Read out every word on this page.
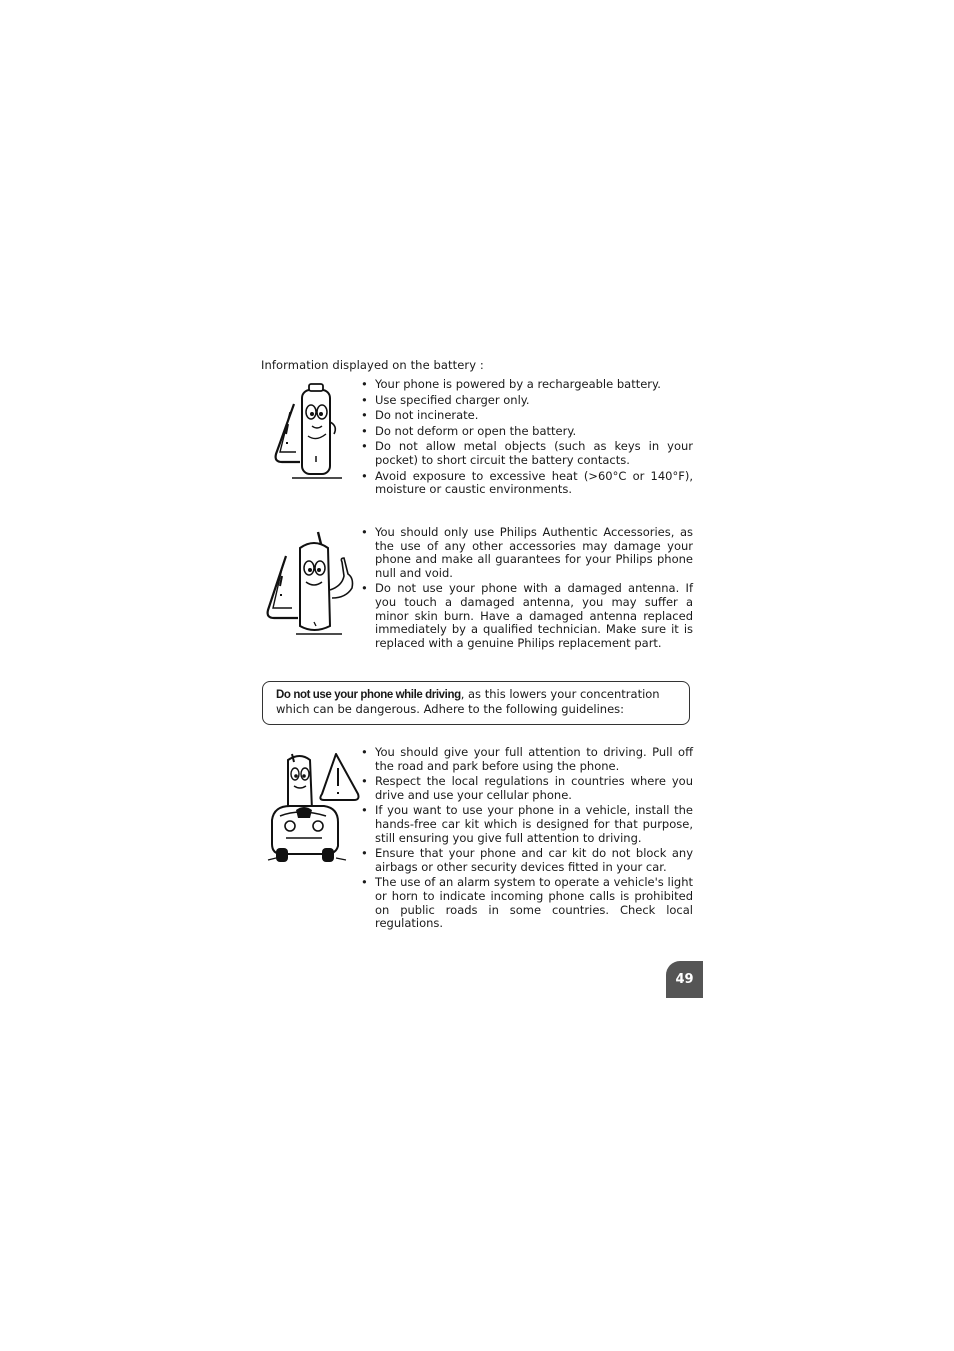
Information displayed on the battery :
• Your phone is powered by a rechargeable battery.
• Use specified charger only.
• Do not incinerate.
• Do not deform or open the battery.
• Do not allow metal objects (such as keys in your pocket) to short circuit the battery contacts.
• Avoid exposure to excessive heat (>60°C or 140°F), moisture or caustic environments.
• You should only use Philips Authentic Accessories, as the use of any other accessories may damage your phone and make all guarantees for your Philips phone null and void.
• Do not use your phone with a damaged antenna. If you touch a damaged antenna, you may suffer a minor skin burn. Have a damaged antenna replaced immediately by a qualified technician. Make sure it is replaced with a genuine Philips replacement part.
Do not use your phone while driving, as this lowers your concentration which can be dangerous. Adhere to the following guidelines:
• You should give your full attention to driving. Pull off the road and park before using the phone.
• Respect the local regulations in countries where you drive and use your cellular phone.
• If you want to use your phone in a vehicle, install the hands-free car kit which is designed for that purpose, still ensuring you give full attention to driving.
• Ensure that your phone and car kit do not block any airbags or other security devices fitted in your car.
• The use of an alarm system to operate a vehicle's light or horn to indicate incoming phone calls is prohibited on public roads in some countries. Check local regulations.
49
